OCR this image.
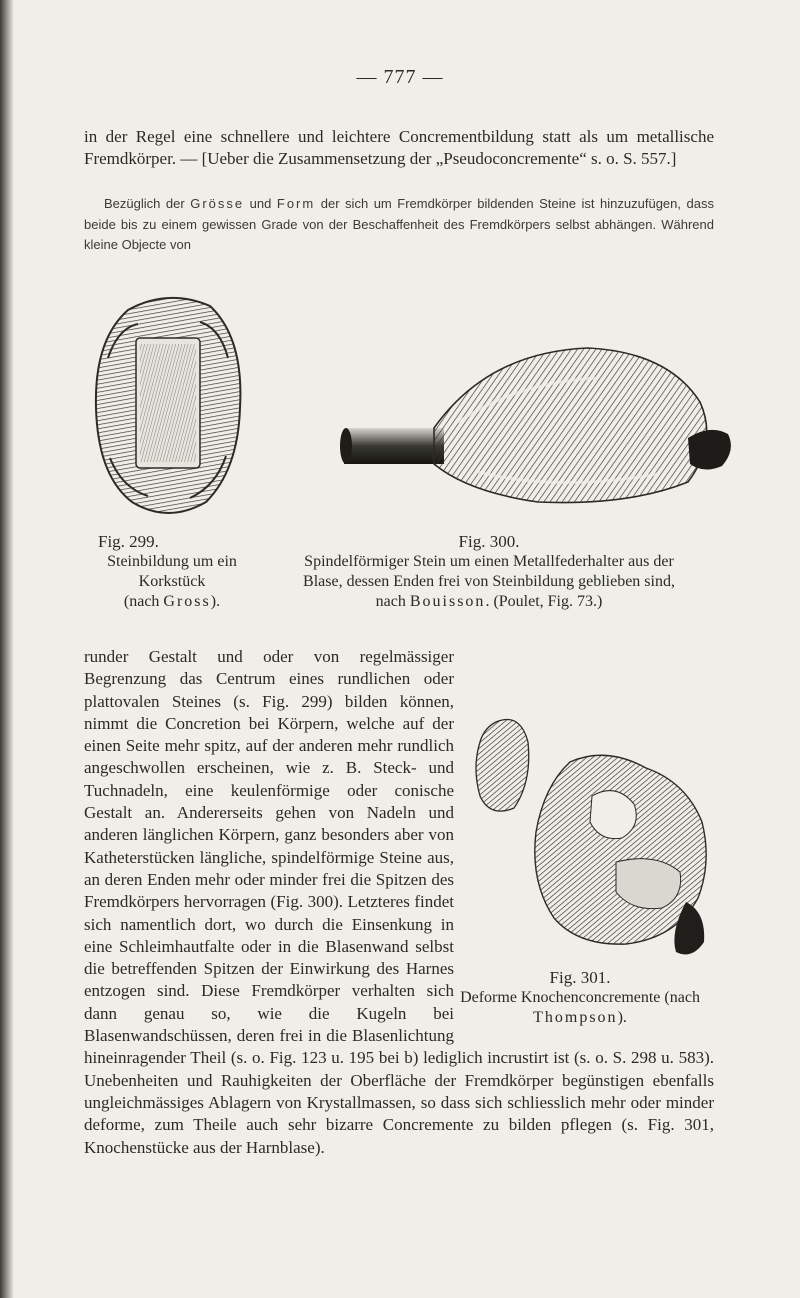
— 777 —

in der Regel eine schnellere und leichtere Concrementbildung statt als um metallische Fremdkörper. — [Ueber die Zusammensetzung der „Pseudoconcremente“ s. o. S. 557.]

Bezüglich der Grösse und Form der sich um Fremdkörper bildenden Steine ist hinzuzufügen, dass beide bis zu einem gewissen Grade von der Beschaffenheit des Fremdkörpers selbst abhängen. Während kleine Objecte von

Fig. 299.
Steinbildung um ein
Korkstück
(nach Gross).
Fig. 300.
Spindelförmiger Stein um einen Metallfederhalter aus der
Blase, dessen Enden frei von Steinbildung geblieben sind,
nach Bouisson. (Poulet, Fig. 73.)
Fig. 301.
Deforme Knochenconcremente (nach
Thompson).

runder Gestalt und oder von regelmässiger Begrenzung das Centrum eines rundlichen oder plattovalen Steines (s. Fig. 299) bilden können, nimmt die Concretion bei Körpern, welche auf der einen Seite mehr spitz, auf der anderen mehr rundlich angeschwollen erscheinen, wie z. B. Steck- und Tuchnadeln, eine keulenförmige oder conische Gestalt an. Andererseits gehen von Nadeln und anderen länglichen Körpern, ganz besonders aber von Katheterstücken längliche, spindelförmige Steine aus, an deren Enden mehr oder minder frei die Spitzen des Fremdkörpers hervorragen (Fig. 300). Letzteres findet sich namentlich dort, wo durch die Einsenkung in eine Schleimhautfalte oder in die Blasenwand selbst die betreffenden Spitzen der Einwirkung des Harnes entzogen sind. Diese Fremdkörper verhalten sich dann genau so, wie die Kugeln bei Blasenwandschüssen, deren frei in die Blasenlichtung hineinragender Theil (s. o. Fig. 123 u. 195 bei b) lediglich incrustirt ist (s. o. S. 298 u. 583). Unebenheiten und Rauhigkeiten der Oberfläche der Fremdkörper begünstigen ebenfalls ungleichmässiges Ablagern von Krystallmassen, so dass sich schliesslich mehr oder minder deforme, zum Theile auch sehr bizarre Concremente zu bilden pflegen (s. Fig. 301, Knochenstücke aus der Harnblase).
